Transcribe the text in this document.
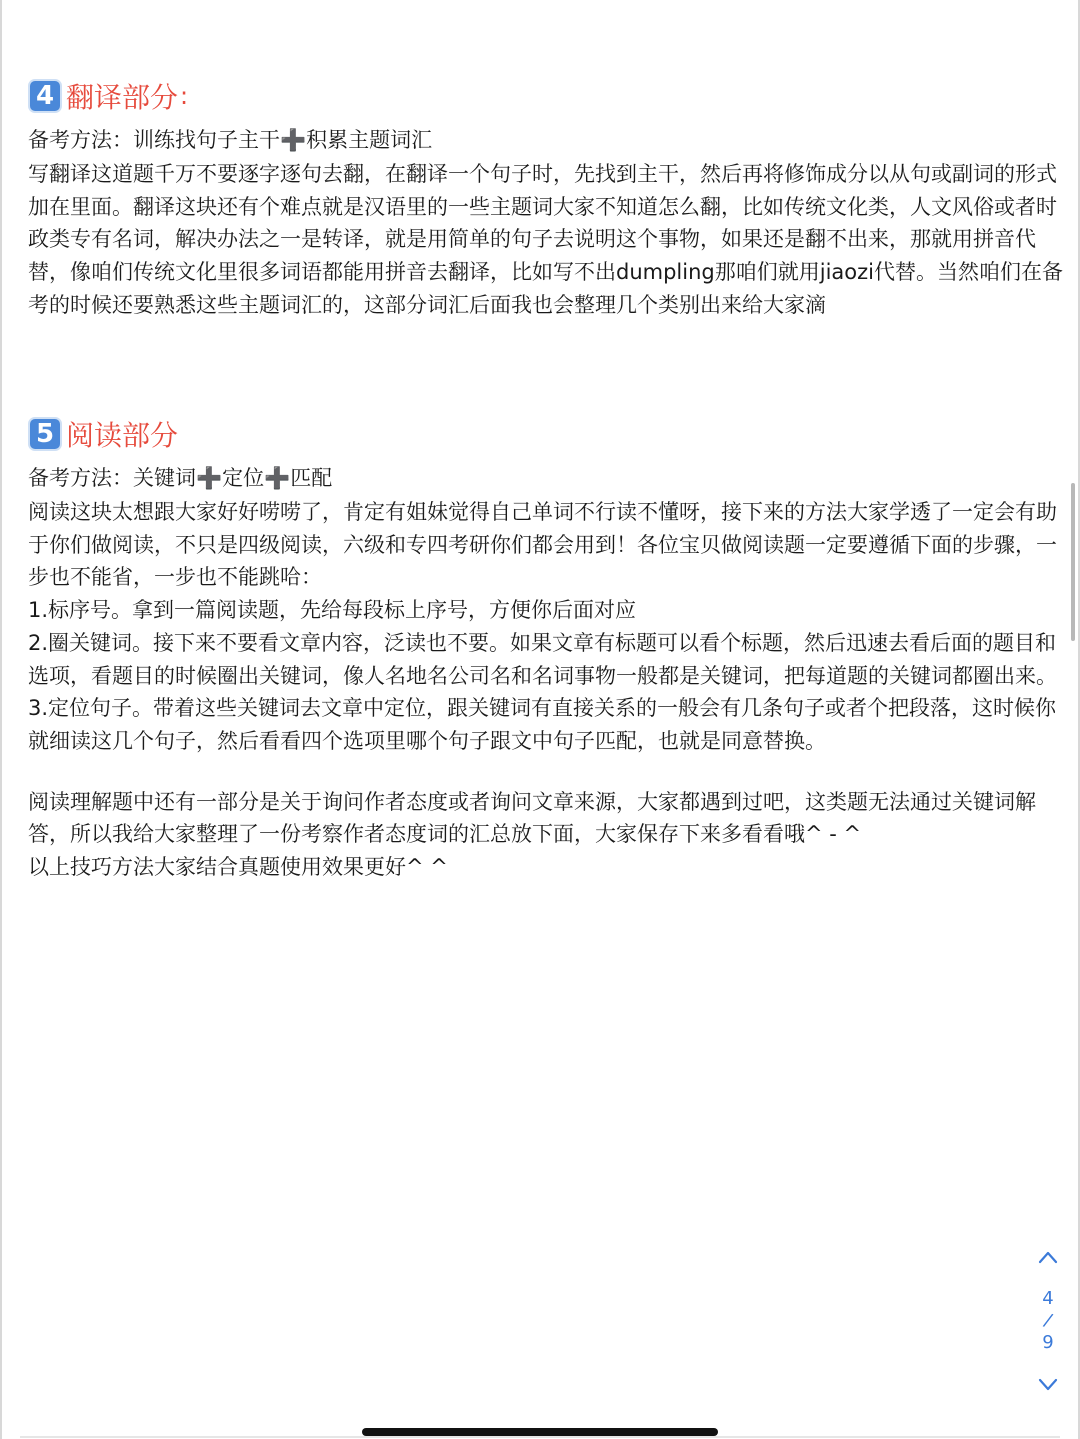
4 翻译部分 :
备考方法：训练找句子主干➕积累主题词汇

写翻译这道题千万不要逐字逐句去翻，在翻译一个句子时，先找到主干，然后再将修饰成分以从句或副词的形式加在里面。翻译这块还有个难点就是汉语里的一些主题词大家不知道怎么翻，比如传统文化类，人文风俗或者时政类专有名词，解决办法之一是转译，就是用简单的句子去说明这个事物，如果还是翻不出来，那就用拼音代替，像咱们传统文化里很多词语都能用拼音去翻译，比如写不出dumpling那咱们就用jiaozi代替。当然咱们在备考的时候还要熟悉这些主题词汇的，这部分词汇后面我也会整理几个类别出来给大家滴

5 阅读部分
备考方法：关键词➕定位➕匹配

阅读这块太想跟大家好好唠唠了，肯定有姐妹觉得自己单词不行读不懂呀，接下来的方法大家学透了一定会有助于你们做阅读，不只是四级阅读，六级和专四考研你们都会用到！各位宝贝做阅读题一定要遵循下面的步骤，一步也不能省，一步也不能跳哈：

1.标序号。拿到一篇阅读题，先给每段标上序号，方便你后面对应

2.圈关键词。接下来不要看文章内容，泛读也不要。如果文章有标题可以看个标题，然后迅速去看后面的题目和选项，看题目的时候圈出关键词，像人名地名公司名和名词事物一般都是关键词，把每道题的关键词都圈出来。

3.定位句子。带着这些关键词去文章中定位，跟关键词有直接关系的一般会有几条句子或者个把段落，这时候你就细读这几个句子，然后看看四个选项里哪个句子跟文中句子匹配，也就是同意替换。

阅读理解题中还有一部分是关于询问作者态度或者询问文章来源，大家都遇到过吧，这类题无法通过关键词解答，所以我给大家整理了一份考察作者态度词的汇总放下面，大家保存下来多看看哦^ - ^

以上技巧方法大家结合真题使用效果更好^ ^

4
/
9
